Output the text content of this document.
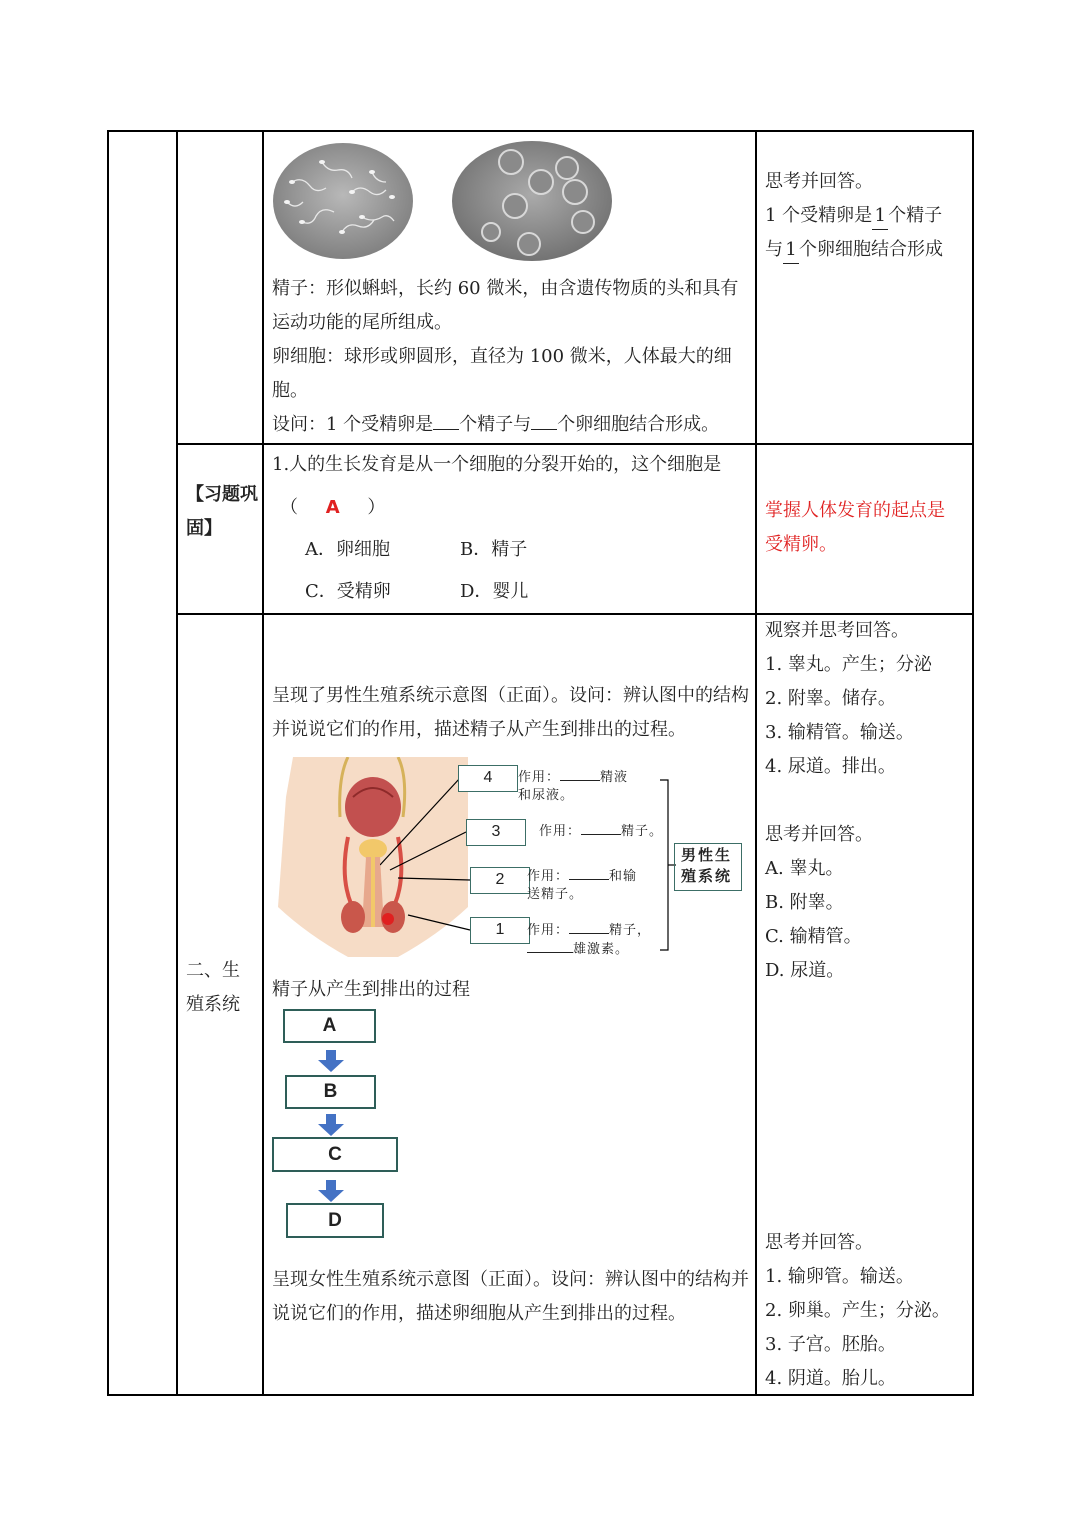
精子：形似蝌蚪，长约 60 微米，由含遗传物质的头和具有运动功能的尾所组成。
卵细胞：球形或卵圆形，直径为 100 微米，人体最大的细胞。
设问：1 个受精卵是 个精子与 个卵细胞结合形成。
思考并回答。
1 个受精卵是 1 个精子
与 1 个卵细胞结合形成
【习题巩固】
1.人的生长发育是从一个细胞的分裂开始的，这个细胞是
（ A ）
A．卵细胞	B．精子
C．受精卵	D．婴儿
掌握人体发育的起点是受精卵。
二、生殖系统
呈现了男性生殖系统示意图（正面）。设问：辨认图中的结构并说说它们的作用，描述精子从产生到排出的过程。
4
3
2
1
作用：	精液
和尿液。
作用：	精子。
作用：	和输
送精子。
作用：	精子，
雄激素。
男性生殖系统
精子从产生到排出的过程
A
B
C
D
呈现女性生殖系统示意图（正面）。设问：辨认图中的结构并说说它们的作用，描述卵细胞从产生到排出的过程。
观察并思考回答。
1. 睾丸。产生；分泌
2. 附睾。储存。
3. 输精管。输送。
4. 尿道。排出。
思考并回答。
A. 睾丸。
B. 附睾。
C. 输精管。
D. 尿道。
思考并回答。
1. 输卵管。输送。
2. 卵巢。产生；分泌。
3. 子宫。胚胎。
4. 阴道。胎儿。
